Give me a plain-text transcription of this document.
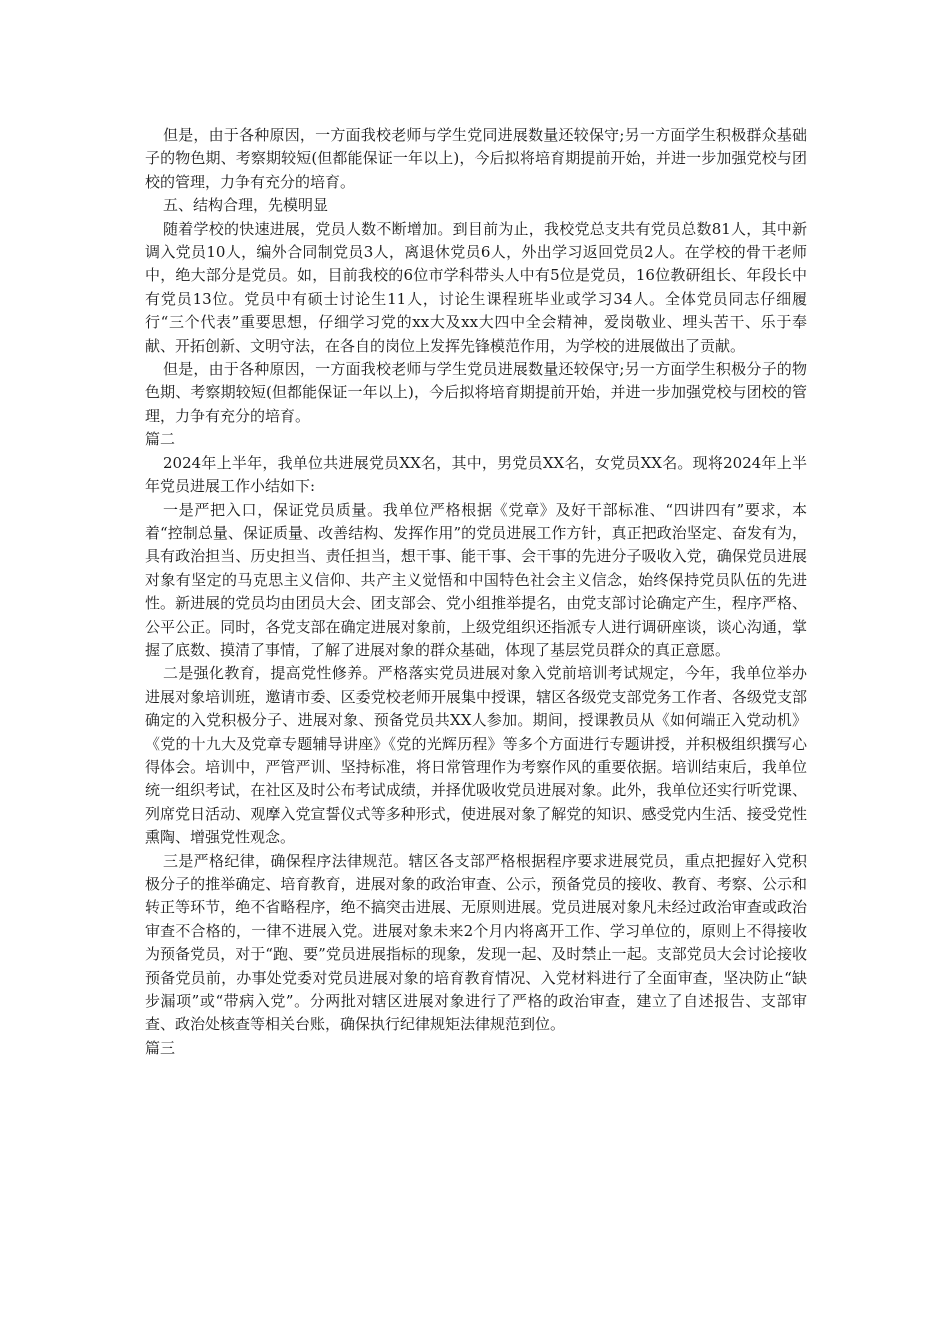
但是，由于各种原因，一方面我校老师与学生党同进展数量还较保守;另一方面学生积极群众基础子的物色期、考察期较短(但都能保证一年以上)，今后拟将培育期提前开始，并进一步加强党校与团校的管理，力争有充分的培育。

五、结构合理，先模明显

随着学校的快速进展，党员人数不断增加。到目前为止，我校党总支共有党员总数81人，其中新调入党员10人，编外合同制党员3人，离退休党员6人，外出学习返回党员2人。在学校的骨干老师中，绝大部分是党员。如，目前我校的6位市学科带头人中有5位是党员，16位教研组长、年段长中有党员13位。党员中有硕士讨论生11人，讨论生课程班毕业或学习34人。全体党员同志仔细履行“三个代表”重要思想，仔细学习党的xx大及xx大四中全会精神，爱岗敬业、埋头苦干、乐于奉献、开拓创新、文明守法，在各自的岗位上发挥先锋模范作用，为学校的进展做出了贡献。

但是，由于各种原因，一方面我校老师与学生党员进展数量还较保守;另一方面学生积极分子的物色期、考察期较短(但都能保证一年以上)，今后拟将培育期提前开始，并进一步加强党校与团校的管理，力争有充分的培育。

篇二

2024年上半年，我单位共进展党员XX名，其中，男党员XX名，女党员XX名。现将2024年上半年党员进展工作小结如下:

一是严把入口，保证党员质量。我单位严格根据《党章》及好干部标准、“四讲四有”要求，本着“控制总量、保证质量、改善结构、发挥作用”的党员进展工作方针，真正把政治坚定、奋发有为，具有政治担当、历史担当、责任担当，想干事、能干事、会干事的先进分子吸收入党，确保党员进展对象有坚定的马克思主义信仰、共产主义觉悟和中国特色社会主义信念，始终保持党员队伍的先进性。新进展的党员均由团员大会、团支部会、党小组推举提名，由党支部讨论确定产生，程序严格、公平公正。同时，各党支部在确定进展对象前，上级党组织还指派专人进行调研座谈，谈心沟通，掌握了底数、摸清了事情，了解了进展对象的群众基础，体现了基层党员群众的真正意愿。

二是强化教育，提高党性修养。严格落实党员进展对象入党前培训考试规定，今年，我单位举办进展对象培训班，邀请市委、区委党校老师开展集中授课，辖区各级党支部党务工作者、各级党支部确定的入党积极分子、进展对象、预备党员共XX人参加。期间，授课教员从《如何端正入党动机》《党的十九大及党章专题辅导讲座》《党的光辉历程》等多个方面进行专题讲授，并积极组织撰写心得体会。培训中，严管严训、坚持标准，将日常管理作为考察作风的重要依据。培训结束后，我单位统一组织考试，在社区及时公布考试成绩，并择优吸收党员进展对象。此外，我单位还实行听党课、列席党日活动、观摩入党宣誓仪式等多种形式，使进展对象了解党的知识、感受党内生活、接受党性熏陶、增强党性观念。

三是严格纪律，确保程序法律规范。辖区各支部严格根据程序要求进展党员，重点把握好入党积极分子的推举确定、培育教育，进展对象的政治审查、公示，预备党员的接收、教育、考察、公示和转正等环节，绝不省略程序，绝不搞突击进展、无原则进展。党员进展对象凡未经过政治审查或政治审查不合格的，一律不进展入党。进展对象未来2个月内将离开工作、学习单位的，原则上不得接收为预备党员，对于“跑、要”党员进展指标的现象，发现一起、及时禁止一起。支部党员大会讨论接收预备党员前，办事处党委对党员进展对象的培育教育情况、入党材料进行了全面审查，坚决防止“缺步漏项”或“带病入党”。分两批对辖区进展对象进行了严格的政治审查，建立了自述报告、支部审查、政治处核查等相关台账，确保执行纪律规矩法律规范到位。

篇三
